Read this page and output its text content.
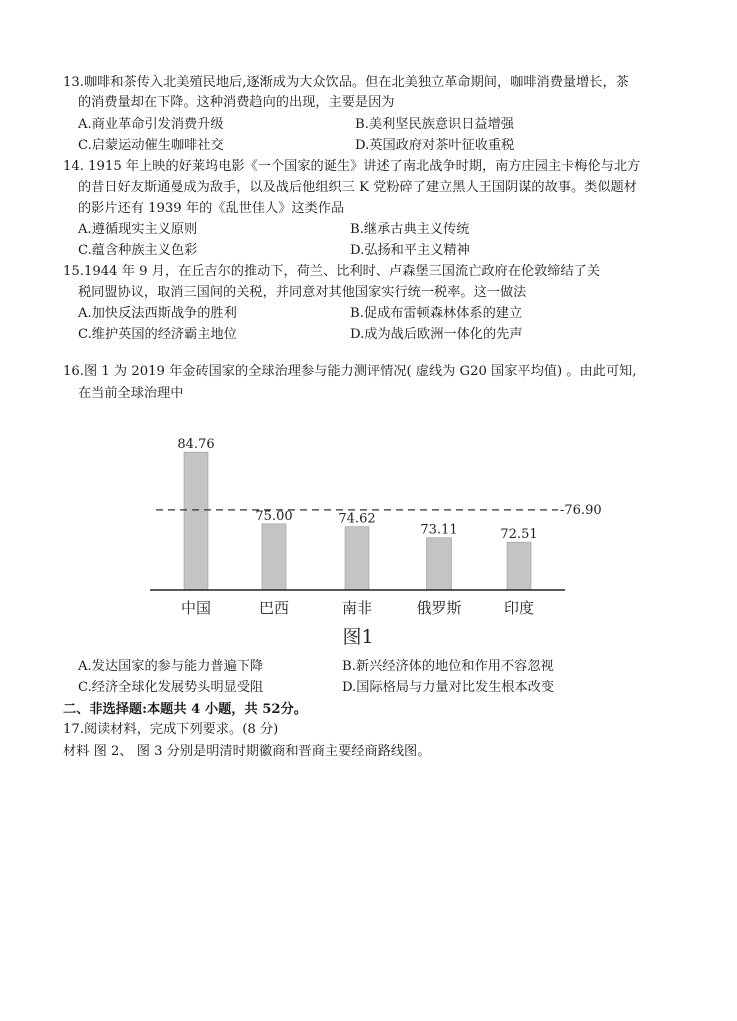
13.咖啡和茶传入北美殖民地后,逐渐成为大众饮品。但在北美独立革命期间，咖啡消费量增长，茶
的消费量却在下降。这种消费趋向的出现，主要是因为
A.商业革命引发消费升级	B.美利坚民族意识日益增强
C.启蒙运动催生咖啡社交	D.英国政府对茶叶征收重税
14. 1915 年上映的好莱坞电影《一个国家的诞生》讲述了南北战争时期，南方庄园主卡梅伦与北方
的昔日好友斯通曼成为敌手，以及战后他组织三 K 党粉碎了建立黑人王国阴谋的故事。类似题材
的影片还有 1939 年的《乱世佳人》这类作品
A.遵循现实主义原则	B.继承古典主义传统
C.蕴含种族主义色彩	D.弘扬和平主义精神
15.1944 年 9 月，在丘吉尔的推动下，荷兰、比利时、卢森堡三国流亡政府在伦敦缔结了关
税同盟协议，取消三国间的关税，并同意对其他国家实行统一税率。这一做法
A.加快反法西斯战争的胜利	B.促成布雷顿森林体系的建立
C.维护英国的经济霸主地位	D.成为战后欧洲一体化的先声
16.图 1 为 2019 年金砖国家的全球治理参与能力测评情况( 虚线为 G20 国家平均值) 。由此可知,
在当前全球治理中
-76.90
84.76
75.00	74.62
73.11	72.51
中国	巴西	南非	俄罗斯	印度
图1
A.发达国家的参与能力普遍下降	B.新兴经济体的地位和作用不容忽视
C.经济全球化发展势头明显受阻	D.国际格局与力量对比发生根本改变
二、非选择题:本题共 4 小题，共 52分。
17.阅读材料，完成下列要求。(8 分)
材料 图 2、 图 3 分别是明清时期徽商和晋商主要经商路线图。
